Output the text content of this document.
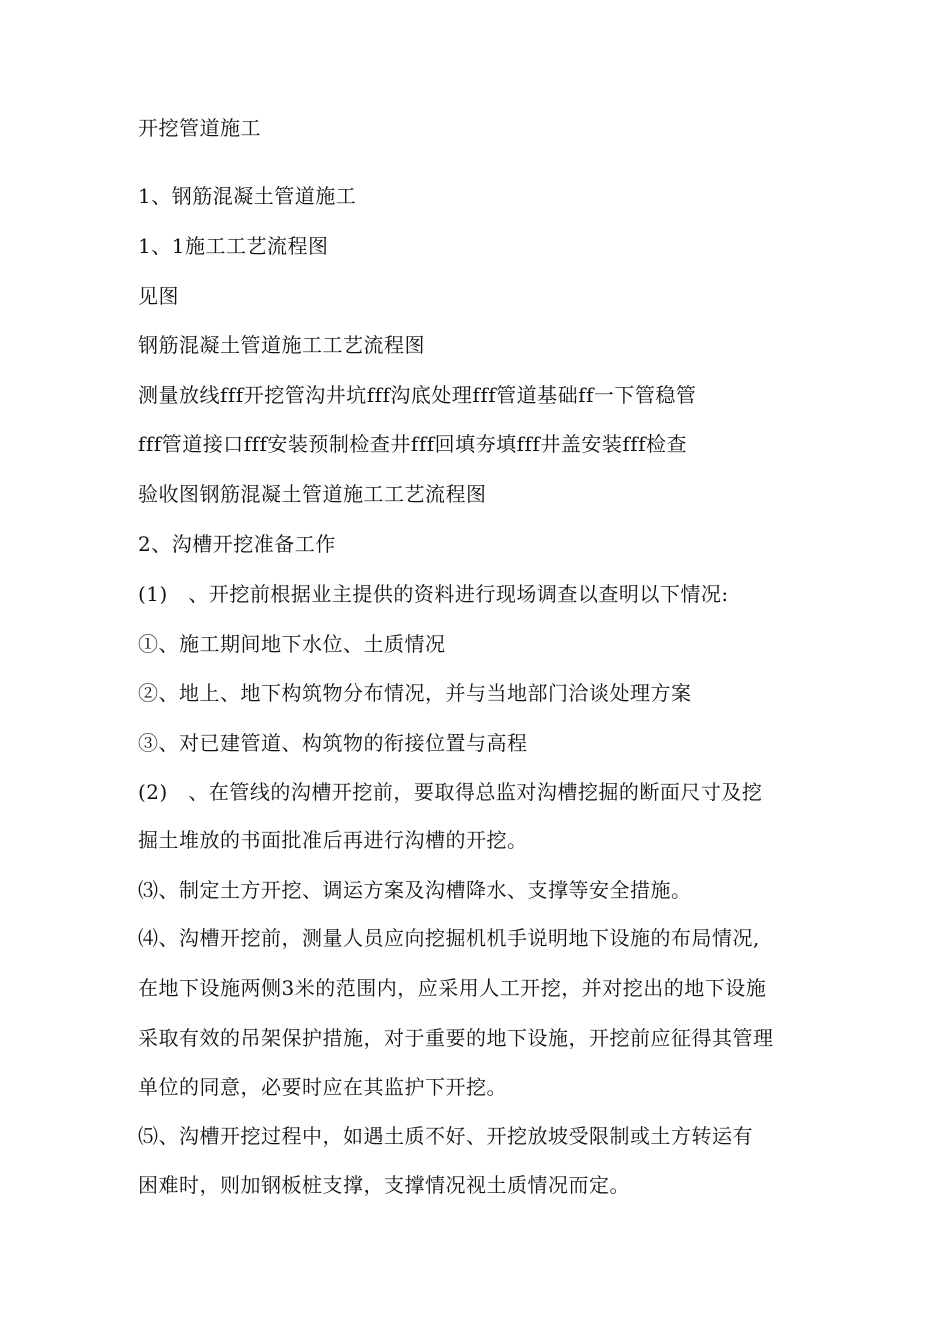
开挖管道施工
1、钢筋混凝土管道施工
1、1施工工艺流程图
见图
钢筋混凝土管道施工工艺流程图
测量放线fff开挖管沟井坑fff沟底处理fff管道基础ff一下管稳管
fff管道接口fff安装预制检查井fff回填夯填fff井盖安装fff检查
验收图钢筋混凝土管道施工工艺流程图
2、沟槽开挖准备工作
(1)　、开挖前根据业主提供的资料进行现场调查以查明以下情况:
①、施工期间地下水位、土质情况
②、地上、地下构筑物分布情况，并与当地部门洽谈处理方案
③、对已建管道、构筑物的衔接位置与高程
(2)　、在管线的沟槽开挖前，要取得总监对沟槽挖掘的断面尺寸及挖
掘土堆放的书面批准后再进行沟槽的开挖。
⑶、制定土方开挖、调运方案及沟槽降水、支撑等安全措施。
⑷、沟槽开挖前，测量人员应向挖掘机机手说明地下设施的布局情况,
在地下设施两侧3米的范围内，应采用人工开挖，并对挖出的地下设施
采取有效的吊架保护措施，对于重要的地下设施，开挖前应征得其管理
单位的同意，必要时应在其监护下开挖。
⑸、沟槽开挖过程中，如遇土质不好、开挖放坡受限制或土方转运有
困难时，则加钢板桩支撑，支撑情况视土质情况而定。
